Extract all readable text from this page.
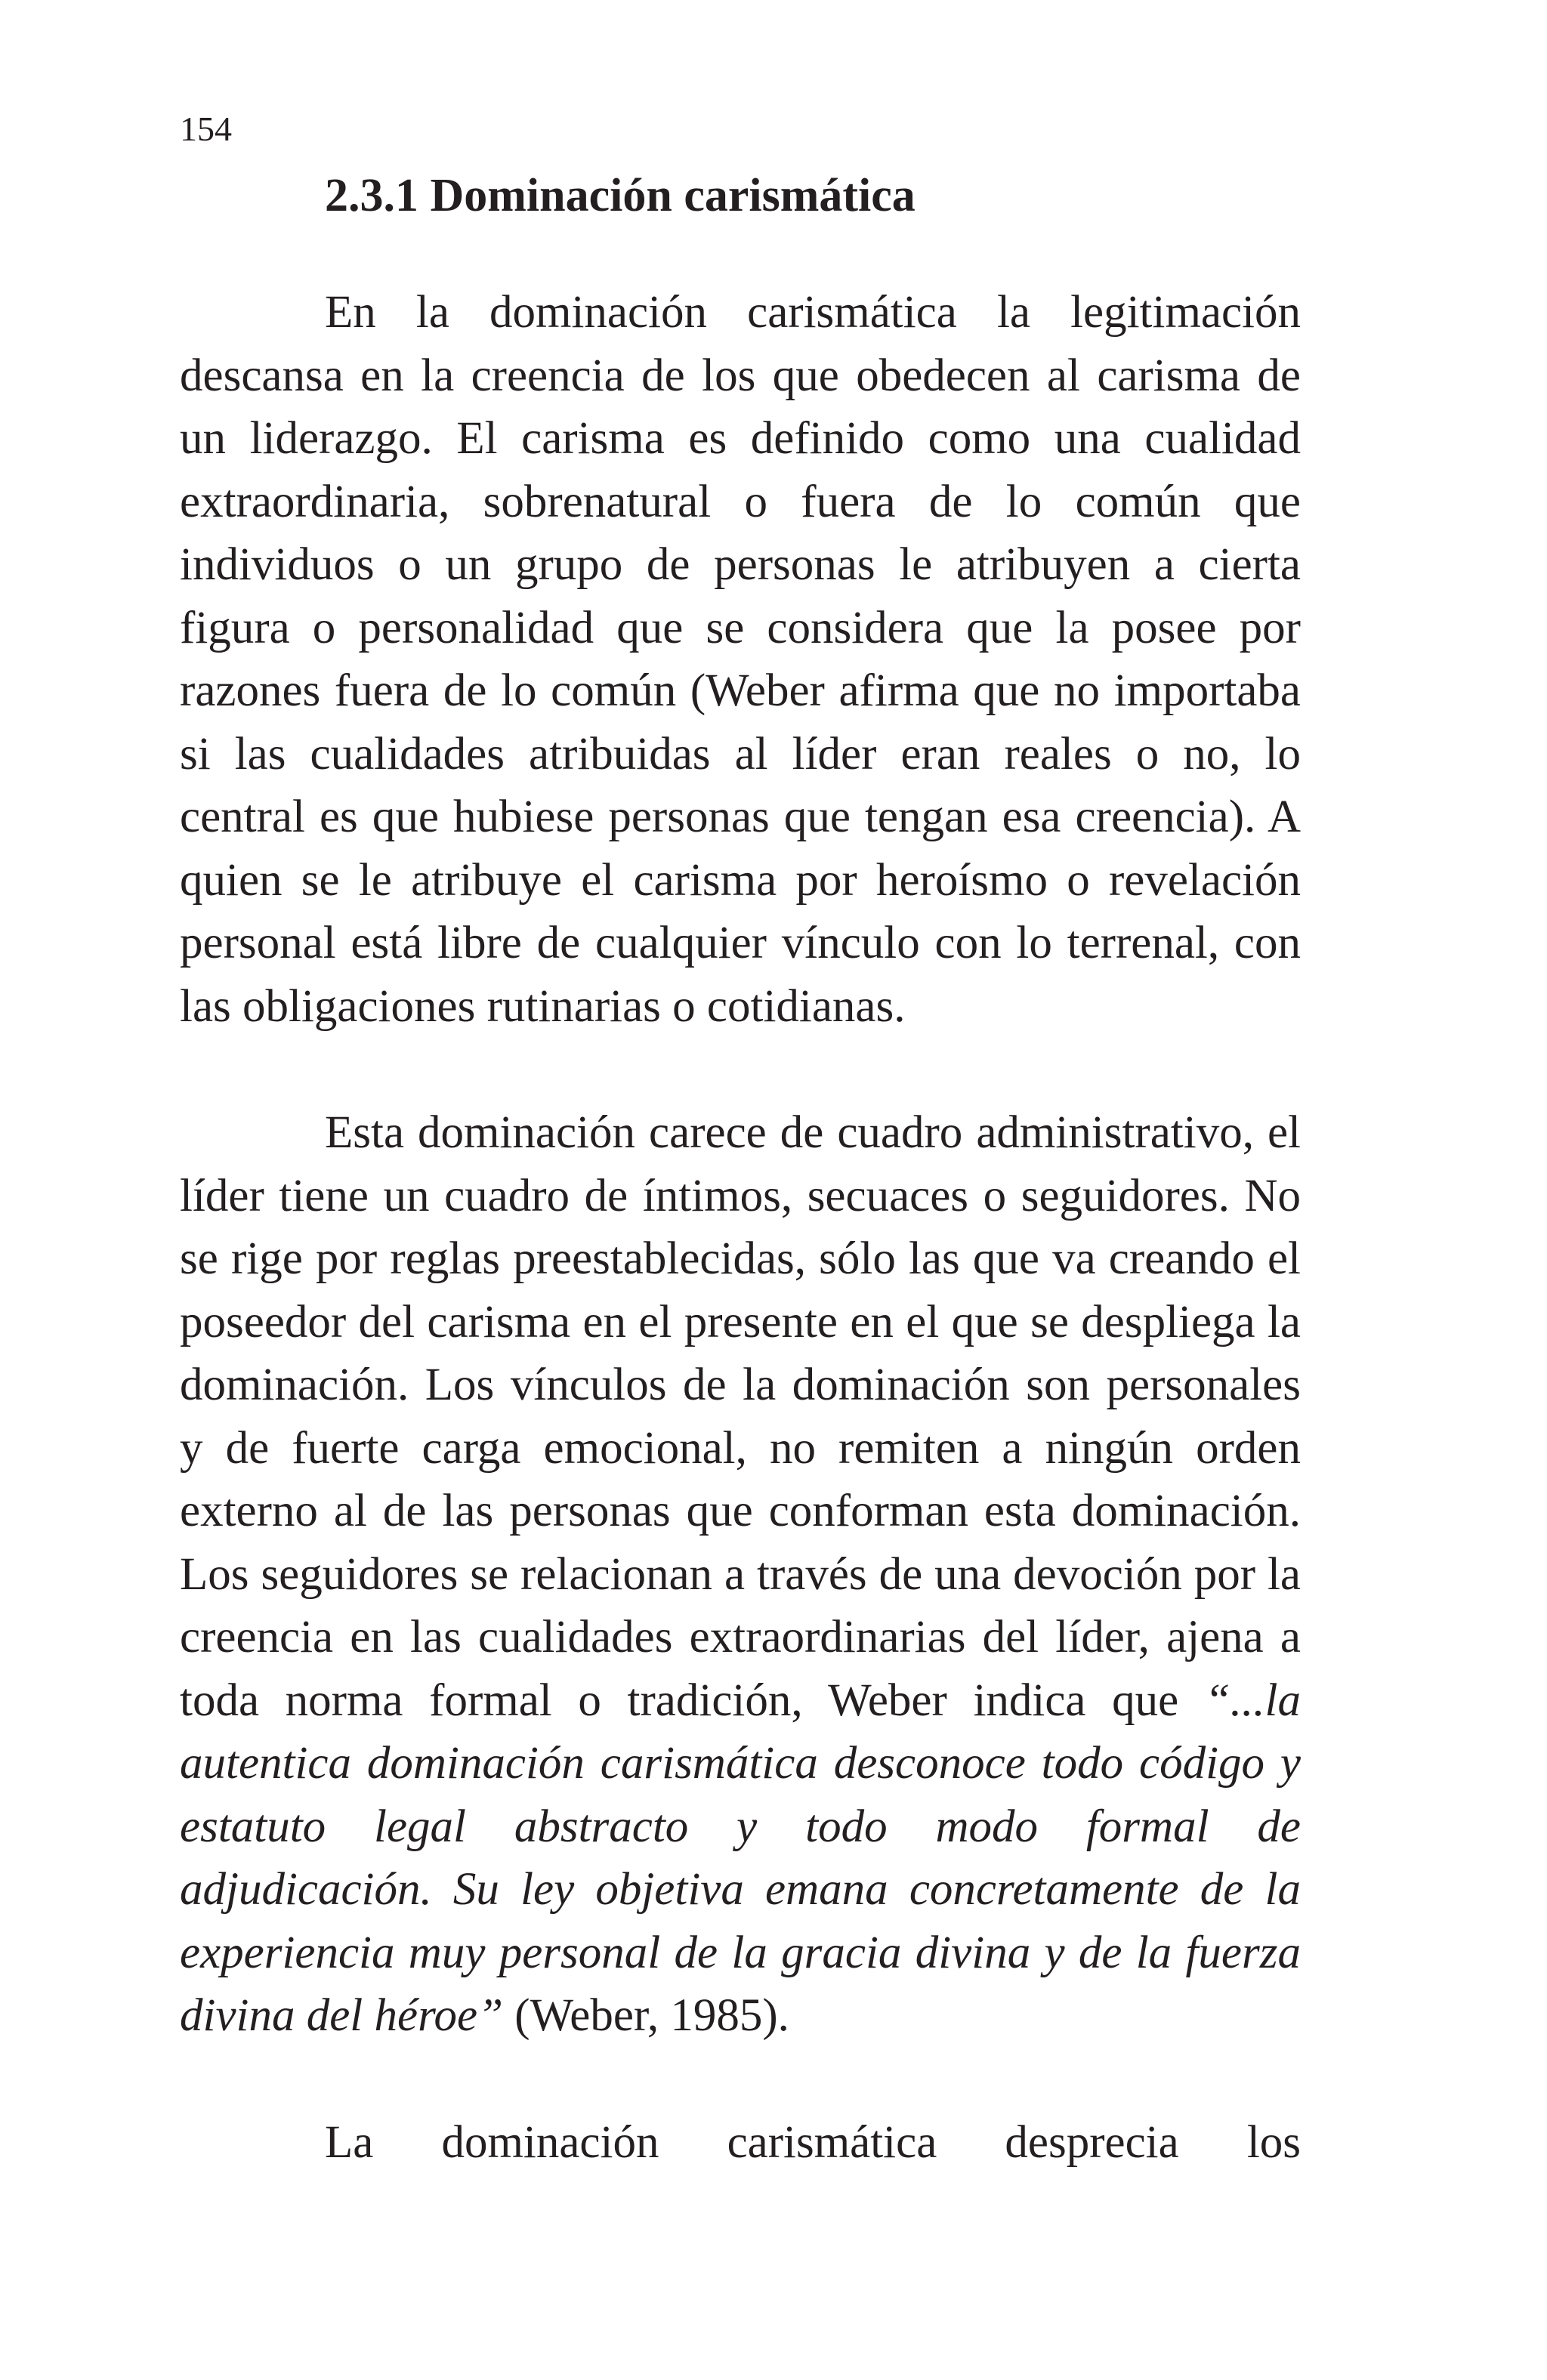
154
2.3.1 Dominación carismática

En la dominación carismática la legitimación descansa en la creencia de los que obedecen al carisma de un liderazgo. El carisma es definido como una cualidad extraordinaria, sobrenatural o fuera de lo común que individuos o un grupo de personas le atribuyen a cierta figura o personalidad que se considera que la posee por razones fuera de lo común (Weber afirma que no importaba si las cualidades atribuidas al líder eran reales o no, lo central es que hubiese personas que tengan esa creencia). A quien se le atribuye el carisma por heroísmo o revelación personal está libre de cualquier vínculo con lo terrenal, con las obligaciones rutinarias o cotidianas.

Esta dominación carece de cuadro administrativo, el líder tiene un cuadro de íntimos, secuaces o seguidores. No se rige por reglas preestablecidas, sólo las que va creando el poseedor del carisma en el presente en el que se despliega la dominación. Los vínculos de la dominación son personales y de fuerte carga emocional, no remiten a ningún orden externo al de las personas que conforman esta dominación. Los seguidores se relacionan a través de una devoción por la creencia en las cualidades extraordinarias del líder, ajena a toda norma formal o tradición, Weber indica que “...la autentica dominación carismática desconoce todo código y estatuto legal abstracto y todo modo formal de adjudicación. Su ley objetiva emana concretamente de la experiencia muy personal de la gracia divina y de la fuerza divina del héroe” (Weber, 1985).

La dominación carismática desprecia los
